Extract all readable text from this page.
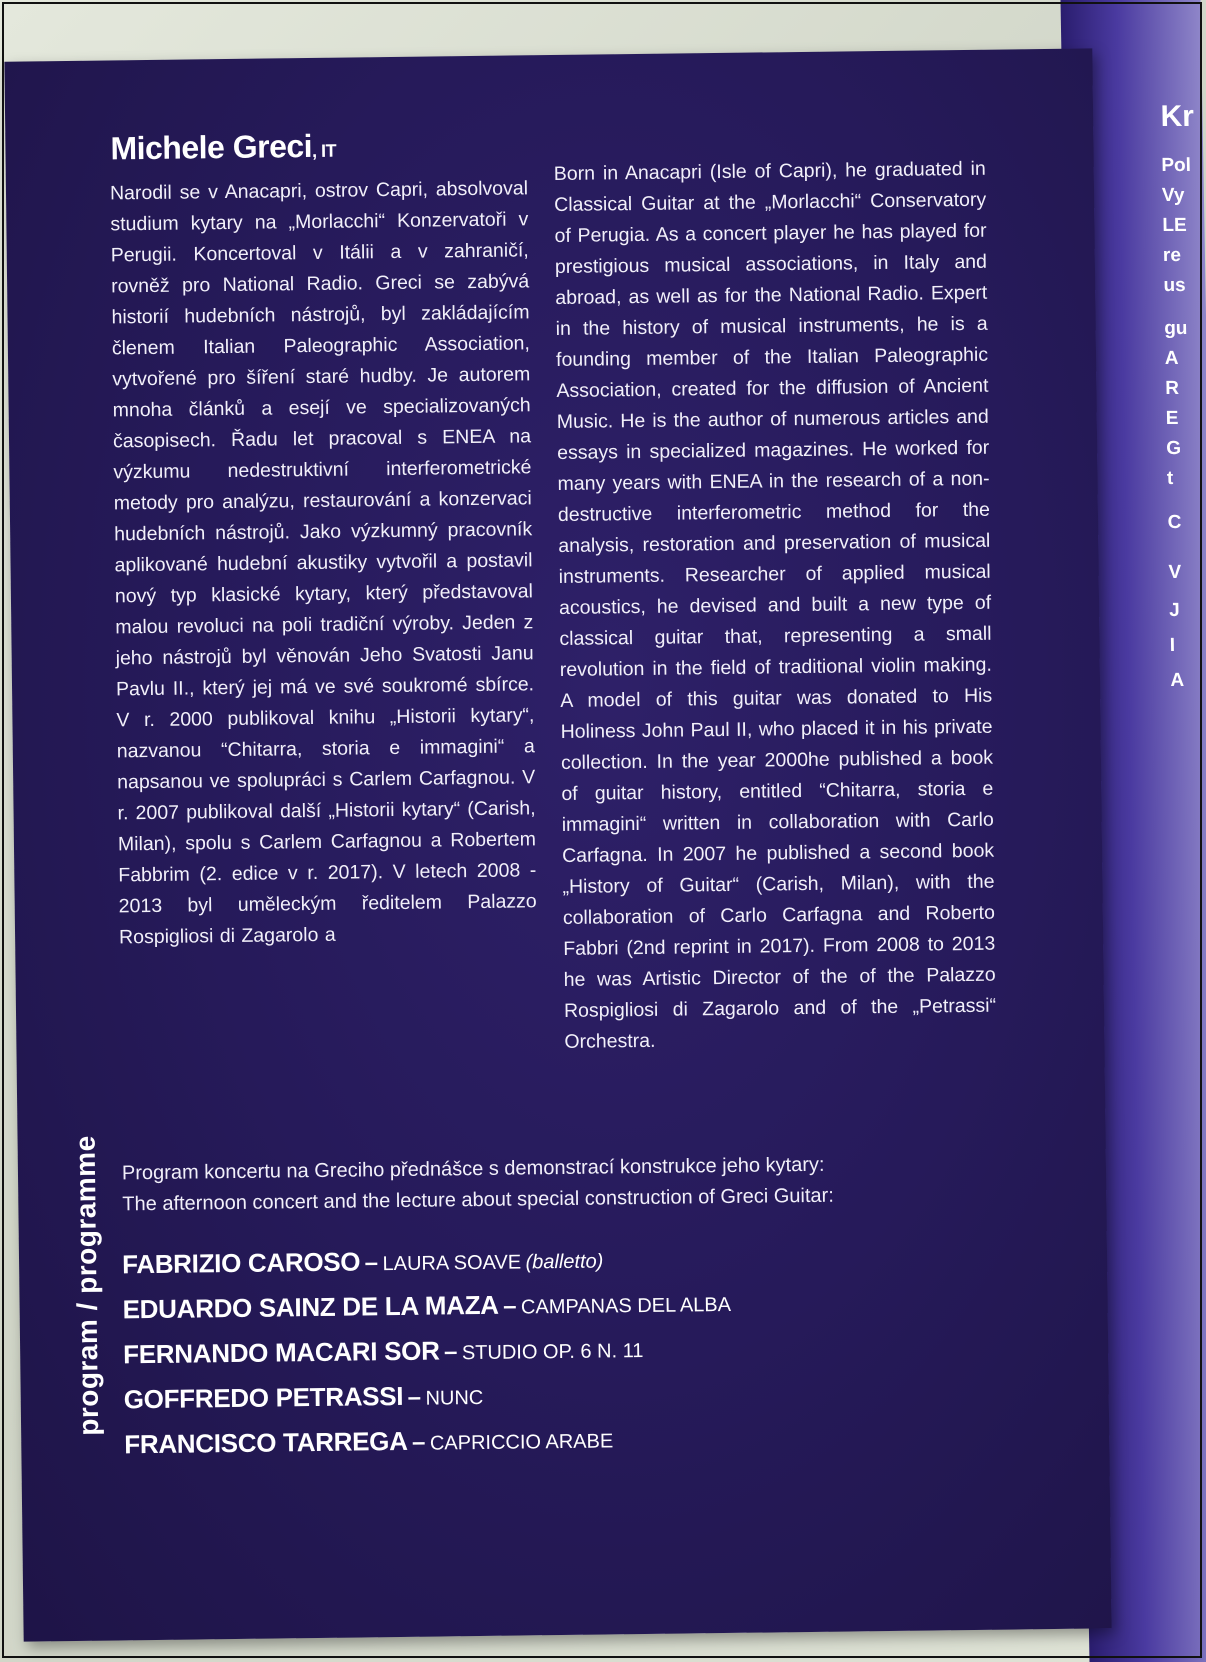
Kr
Pol
Vy
LE
re
us
gu
A
R
E
G
t
C
V
J
I
A
Michele Greci, IT
Narodil se v Anacapri, ostrov Capri, absolvoval studium kytary na „Morlacchi“ Konzervatoři v Perugii. Koncertoval v Itálii a v zahraničí, rovněž pro National Radio. Greci se zabývá historií hudebních nástrojů, byl zakládajícím členem Italian Paleographic Association, vytvořené pro šíření staré hudby. Je autorem mnoha článků a esejí ve specializovaných časopisech. Řadu let pracoval s ENEA na výzkumu nedestruktivní interferometrické metody pro analýzu, restaurování a konzervaci hudebních nástrojů. Jako výzkumný pracovník aplikované hudební akustiky vytvořil a postavil nový typ klasické kytary, který představoval malou revoluci na poli tradiční výroby. Jeden z jeho nástrojů byl věnován Jeho Svatosti Janu Pavlu II., který jej má ve své soukromé sbírce. V r. 2000 publikoval knihu „Historii kytary“, nazvanou “Chitarra, storia e immagini“ a napsanou ve spolupráci s Carlem Carfagnou. V r. 2007 publikoval další „Historii kytary“ (Carish, Milan), spolu s Carlem Carfagnou a Robertem Fabbrim (2. edice v r. 2017). V letech 2008 - 2013 byl uměleckým ředitelem Palazzo Rospigliosi di Zagarolo a
Born in Anacapri (Isle of Capri), he graduated in Classical Guitar at the „Morlacchi“ Conservatory of Perugia. As a concert player he has played for prestigious musical associations, in Italy and abroad, as well as for the National Radio. Expert in the history of musical instruments, he is a founding member of the Italian Paleographic Association, created for the diffusion of Ancient Music. He is the author of numerous articles and essays in specialized magazines. He worked for many years with ENEA in the research of a non-destructive interferometric method for the analysis, restoration and preservation of musical instruments. Researcher of applied musical acoustics, he devised and built a new type of classical guitar that, representing a small revolution in the field of traditional violin making. A model of this guitar was donated to His Holiness John Paul II, who placed it in his private collection. In the year 2000he published a book of guitar history, entitled “Chitarra, storia e immagini“ written in collaboration with Carlo Carfagna. In 2007 he published a second book „History of Guitar“ (Carish, Milan), with the collaboration of Carlo Carfagna and Roberto Fabbri (2nd reprint in 2017). From 2008 to 2013 he was Artistic Director of the of the Palazzo Rospigliosi di Zagarolo and of the „Petrassi“ Orchestra.
program / programme Program koncertu na Greciho přednášce s demonstrací konstrukce jeho kytary:
The afternoon concert and the lecture about special construction of Greci Guitar:
FABRIZIO CAROSO – LAURA SOAVE (balletto)
EDUARDO SAINZ DE LA MAZA – CAMPANAS DEL ALBA
FERNANDO MACARI SOR – STUDIO OP. 6 N. 11
GOFFREDO PETRASSI – NUNC
FRANCISCO TARREGA – CAPRICCIO ARABE
